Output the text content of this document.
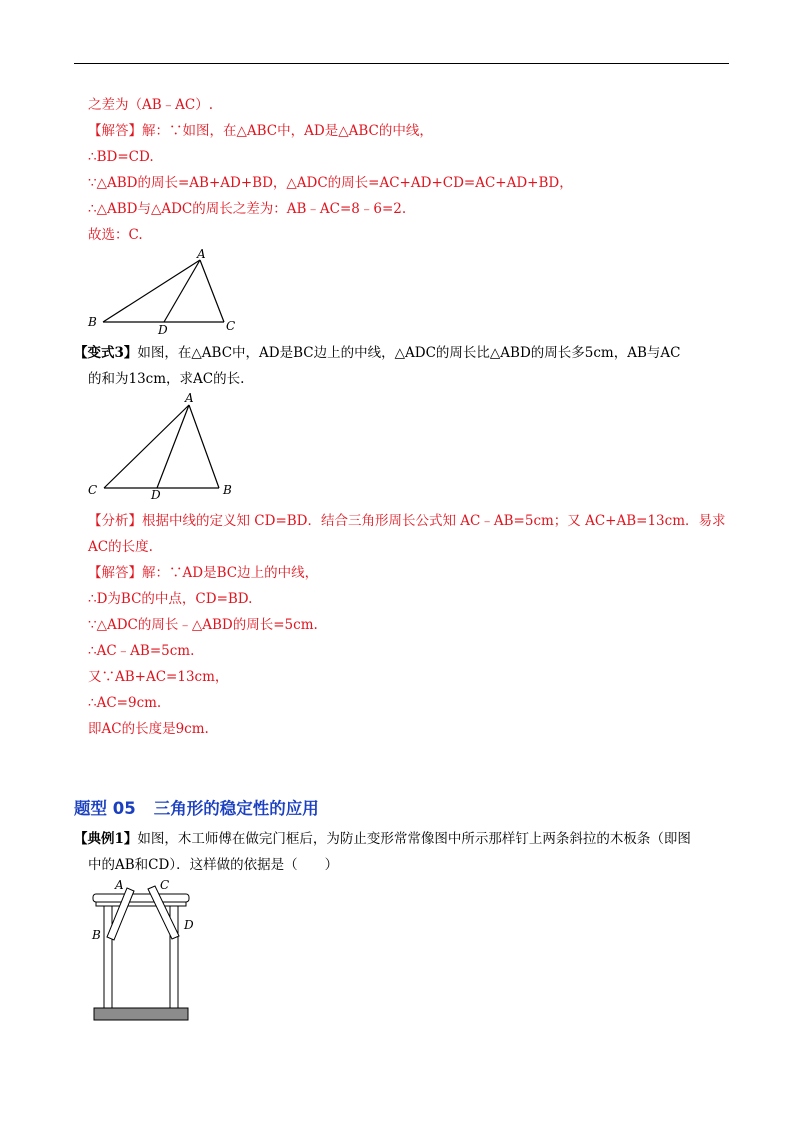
之差为（AB﹣AC）.
【解答】解：∵如图，在△ABC中，AD是△ABC的中线，
∴BD=CD.
∵△ABD的周长=AB+AD+BD，△ADC的周长=AC+AD+CD=AC+AD+BD，
∴△ABD与△ADC的周长之差为：AB﹣AC=8﹣6=2.
故选：C.
A
B	C
D
【变式3】如图，在△ABC中，AD是BC边上的中线，△ADC的周长比△ABD的周长多5cm，AB与AC
的和为13cm，求AC的长.
A
C	B
D
【分析】根据中线的定义知 CD=BD．结合三角形周长公式知 AC﹣AB=5cm；又 AC+AB=13cm．易求
AC的长度.
【解答】解：∵AD是BC边上的中线，
∴D为BC的中点，CD=BD.
∵△ADC的周长﹣△ABD的周长=5cm.
∴AC﹣AB=5cm.
又∵AB+AC=13cm，
∴AC=9cm.
即AC的长度是9cm.
题型 05 三角形的稳定性的应用
【典例1】如图，木工师傅在做完门框后，为防止变形常常像图中所示那样钉上两条斜拉的木板条（即图
中的AB和CD）．这样做的依据是（　　）
A	C
B
D
